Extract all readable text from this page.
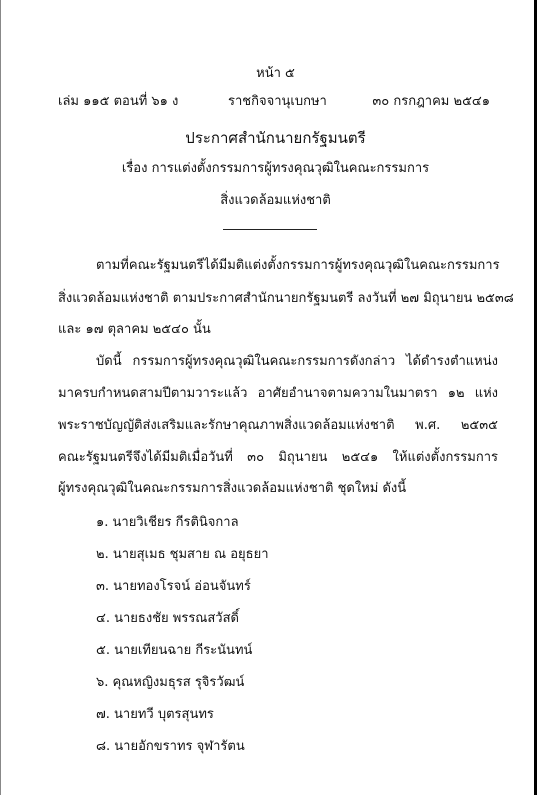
หน้า ๕
เล่ม ๑๑๕ ตอนที่ ๖๑ ง	ราชกิจจานุเบกษา	๓๐ กรกฎาคม ๒๕๔๑
ประกาศสำนักนายกรัฐมนตรี
เรื่อง การแต่งตั้งกรรมการผู้ทรงคุณวุฒิในคณะกรรมการ
สิ่งแวดล้อมแห่งชาติ
ตามที่คณะรัฐมนตรีได้มีมติแต่งตั้งกรรมการผู้ทรงคุณวุฒิในคณะกรรมการ
สิ่งแวดล้อมแห่งชาติ ตามประกาศสำนักนายกรัฐมนตรี ลงวันที่ ๒๗ มิถุนายน ๒๕๓๘
และ ๑๗ ตุลาคม ๒๕๔๐ นั้น
บัดนี้ กรรมการผู้ทรงคุณวุฒิในคณะกรรมการดังกล่าว ได้ดำรงตำแหน่ง
มาครบกำหนดสามปีตามวาระแล้ว อาศัยอำนาจตามความในมาตรา ๑๒ แห่ง
พระราชบัญญัติส่งเสริมและรักษาคุณภาพสิ่งแวดล้อมแห่งชาติ พ.ศ. ๒๕๓๕
คณะรัฐมนตรีจึงได้มีมติเมื่อวันที่ ๓๐ มิถุนายน ๒๕๔๑ ให้แต่งตั้งกรรมการ
ผู้ทรงคุณวุฒิในคณะกรรมการสิ่งแวดล้อมแห่งชาติ ชุดใหม่ ดังนี้
๑. นายวิเชียร กีรตินิจกาล
๒. นายสุเมธ ชุมสาย ณ อยุธยา
๓. นายทองโรจน์ อ่อนจันทร์
๔. นายธงชัย พรรณสวัสดิ์
๕. นายเทียนฉาย กีระนันทน์
๖. คุณหญิงมธุรส รุจิรวัฒน์
๗. นายทวี บุตรสุนทร
๘. นายอักขราทร จุฬารัตน
